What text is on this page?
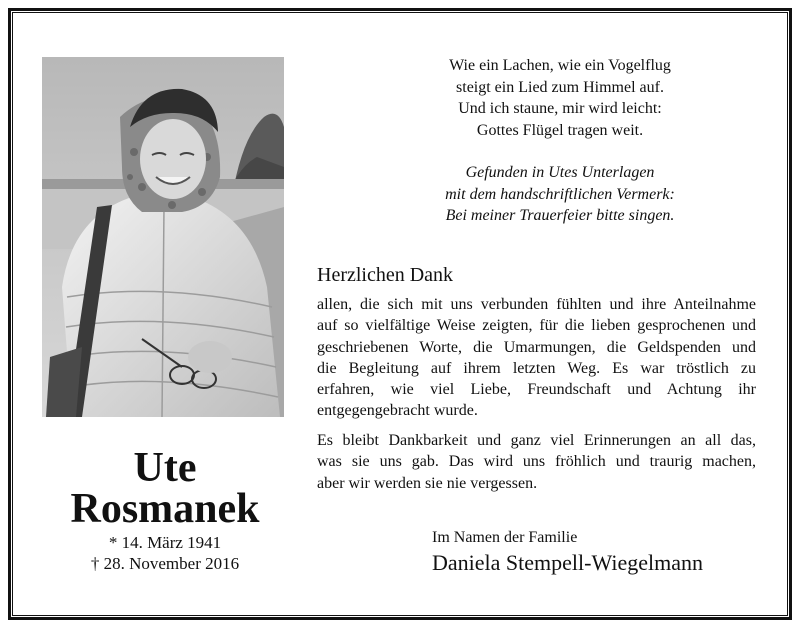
Ute
Rosmanek
* 14. März 1941
† 28. November 2016
Wie ein Lachen, wie ein Vogelflug
steigt ein Lied zum Himmel auf.
Und ich staune, mir wird leicht:
Gottes Flügel tragen weit.
Gefunden in Utes Unterlagen
mit dem handschriftlichen Vermerk:
Bei meiner Trauerfeier bitte singen.
Herzlichen Dank
allen, die sich mit uns verbunden fühlten und ihre Anteilnahme
auf so vielfältige Weise zeigten, für die lieben gesprochenen und
geschriebenen Worte, die Umarmungen, die Geldspenden und
die Begleitung auf ihrem letzten Weg. Es war tröstlich zu
erfahren, wie viel Liebe, Freundschaft und Achtung ihr
entgegengebracht wurde.
Es bleibt Dankbarkeit und ganz viel Erinnerungen an all das,
was sie uns gab. Das wird uns fröhlich und traurig machen,
aber wir werden sie nie vergessen.
Im Namen der Familie
Daniela Stempell-Wiegelmann
